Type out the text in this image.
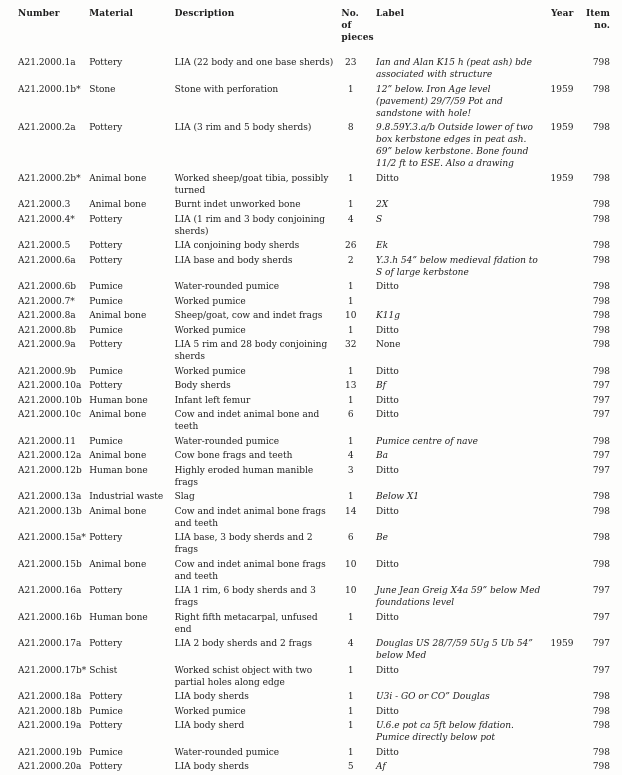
Number	Material	Description	No. of pieces	Label	Year	Item no.
A21.2000.1a	Pottery	LIA (22 body and one base sherds)	23	Ian and Alan K15 h (peat ash) bde associated with structure		798
A21.2000.1b*	Stone	Stone with perforation	1	12” below. Iron Age level (pavement) 29/7/59 Pot and sandstone with hole!	1959	798
A21.2000.2a	Pottery	LIA (3 rim and 5 body sherds)	8	9.8.59Y.3.a/b Outside lower of two box kerbstone edges in peat ash. 69” below kerbstone. Bone found 11/2 ft to ESE. Also a drawing	1959	798
A21.2000.2b*	Animal bone	Worked sheep/goat tibia, possibly turned	1	Ditto	1959	798
A21.2000.3	Animal bone	Burnt indet unworked bone	1	2X		798
A21.2000.4*	Pottery	LIA (1 rim and 3 body conjoining sherds)	4	S		798
A21.2000.5	Pottery	LIA conjoining body sherds	26	Ek		798
A21.2000.6a	Pottery	LIA base and body sherds	2	Y.3.h 54” below medieval fdation to S of large kerbstone		798
A21.2000.6b	Pumice	Water-rounded pumice	1	Ditto		798
A21.2000.7*	Pumice	Worked pumice	1			798
A21.2000.8a	Animal bone	Sheep/goat, cow and indet frags	10	K11g		798
A21.2000.8b	Pumice	Worked pumice	1	Ditto		798
A21.2000.9a	Pottery	LIA 5 rim and 28 body conjoining sherds	32	None		798
A21.2000.9b	Pumice	Worked pumice	1	Ditto		798
A21.2000.10a	Pottery	Body sherds	13	Bf		797
A21.2000.10b	Human bone	Infant left femur	1	Ditto		797
A21.2000.10c	Animal bone	Cow and indet animal bone and teeth	6	Ditto		797
A21.2000.11	Pumice	Water-rounded pumice	1	Pumice centre of nave		798
A21.2000.12a	Animal bone	Cow bone frags and teeth	4	Ba		797
A21.2000.12b	Human bone	Highly eroded human manible frags	3	Ditto		797
A21.2000.13a	Industrial waste	Slag	1	Below X1		798
A21.2000.13b	Animal bone	Cow and indet animal bone frags and teeth	14	Ditto		798
A21.2000.15a*	Pottery	LIA base, 3 body sherds and 2 frags	6	Be		798
A21.2000.15b	Animal bone	Cow and indet animal bone frags and teeth	10	Ditto		798
A21.2000.16a	Pottery	LIA 1 rim, 6 body sherds and 3 frags	10	June Jean Greig X4a 59” below Med foundations level		797
A21.2000.16b	Human bone	Right fifth metacarpal, unfused end	1	Ditto		797
A21.2000.17a	Pottery	LIA 2 body sherds and 2 frags	4	Douglas US 28/7/59 5Ug 5 Ub 54” below Med	1959	797
A21.2000.17b*	Schist	Worked schist object with two partial holes along edge	1	Ditto		797
A21.2000.18a	Pottery	LIA body sherds	1	U3i - GO or CO” Douglas		798
A21.2000.18b	Pumice	Worked pumice	1	Ditto		798
A21.2000.19a	Pottery	LIA body sherd	1	U.6.e pot ca 5ft below fdation. Pumice directly below pot		798
A21.2000.19b	Pumice	Water-rounded pumice	1	Ditto		798
A21.2000.20a	Pottery	LIA body sherds	5	Af		798
